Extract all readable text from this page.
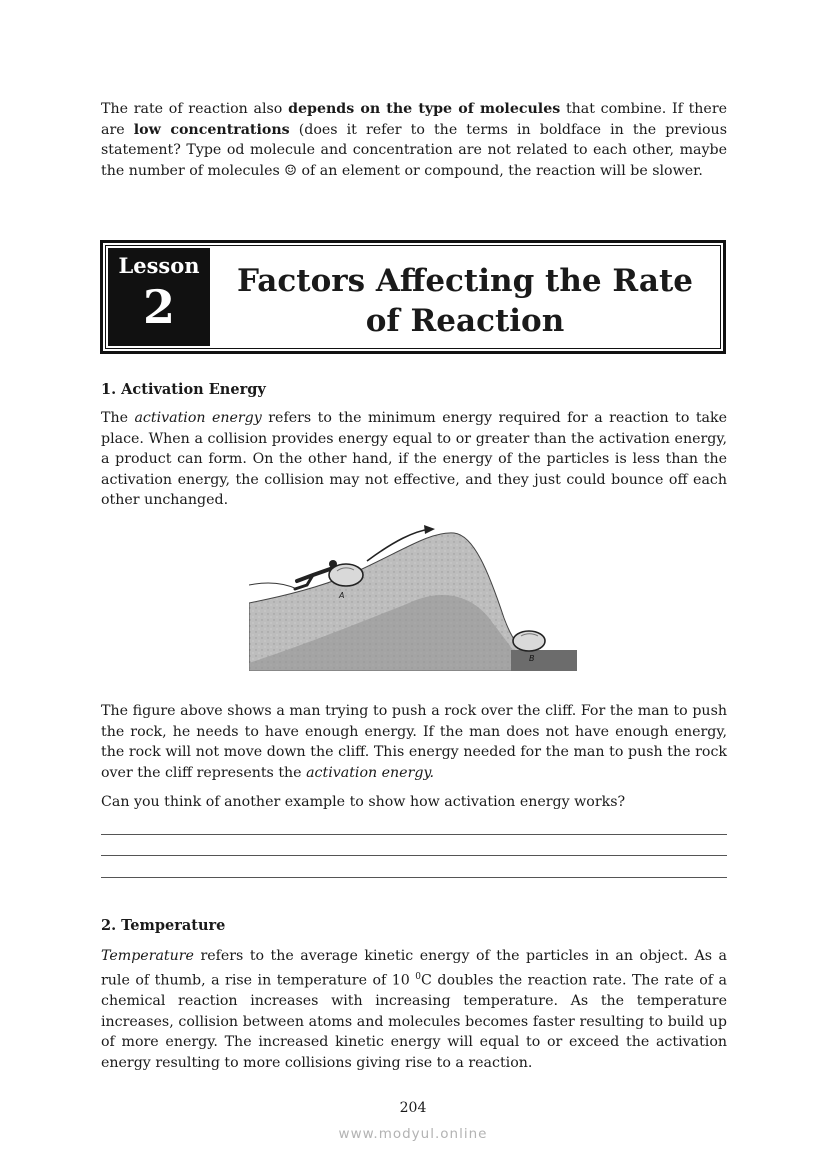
The rate of reaction also depends on the type of molecules that combine. If there are low concentrations (does it refer to the terms in boldface in the previous statement? Type od molecule and concentration are not related to each other, maybe the number of molecules ☺ of an element or compound, the reaction will be slower.

Lesson
2	Factors Affecting the Rate of Reaction
1. Activation Energy

The activation energy refers to the minimum energy required for a reaction to take place. When a collision provides energy equal to or greater than the activation energy, a product can form. On the other hand, if the energy of the particles is less than the activation energy, the collision may not effective, and they just could bounce off each other unchanged.

A
B

The figure above shows a man trying to push a rock over the cliff. For the man to push the rock, he needs to have enough energy. If the man does not have enough energy, the rock will not move down the cliff. This energy needed for the man to push the rock over the cliff represents the activation energy.

Can you think of another example to show how activation energy works?

2. Temperature

Temperature refers to the average kinetic energy of the particles in an object. As a rule of thumb, a rise in temperature of 10 $^0$C doubles the reaction rate. The rate of a chemical reaction increases with increasing temperature. As the temperature increases, collision between atoms and molecules becomes faster resulting to build up of more energy. The increased kinetic energy will equal to or exceed the activation energy resulting to more collisions giving rise to a reaction.

204
www.modyul.online
